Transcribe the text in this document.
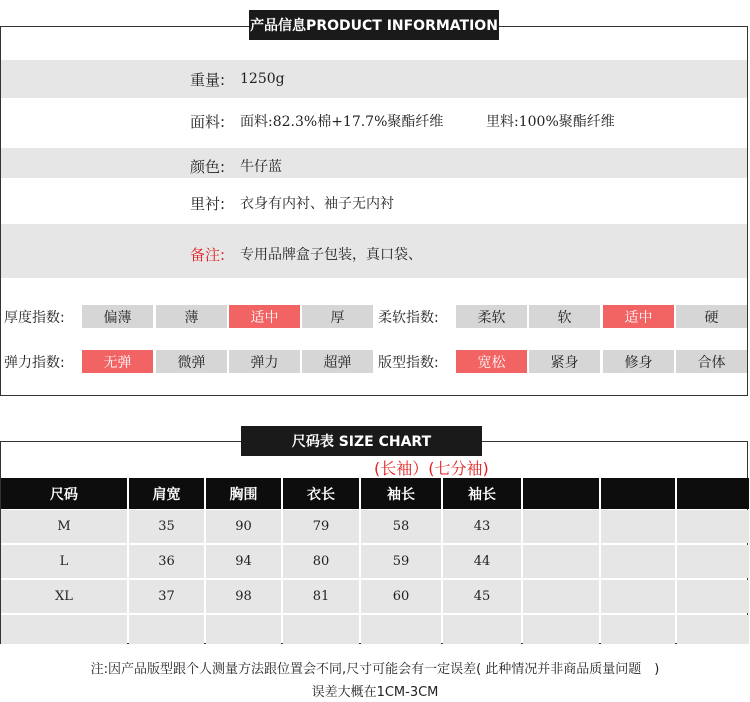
产品信息PRODUCT INFORMATION
重量: 1250g
面料: 面料:82.3%棉+17.7%聚酯纤维	里料:100%聚酯纤维
颜色: 牛仔蓝
里衬: 衣身有内衬、袖子无内衬
备注: 专用品牌盒子包装，真口袋、
厚度指数:	偏薄	薄	适中	厚	柔软指数:	柔软	软	适中	硬
弹力指数:	无弹	微弹	弹力	超弹	版型指数:	宽松	紧身	修身	合体
尺码表 SIZE CHART
(长袖）(七分袖)
尺码	肩宽	胸围	衣长	袖长	袖长
M	35	90	79	58	43
L	36	94	80	59	44
XL	37	98	81	60	45
注:因产品版型跟个人测量方法跟位置会不同,尺寸可能会有一定误差( 此种情况并非商品质量问题　)
误差大概在1CM-3CM
